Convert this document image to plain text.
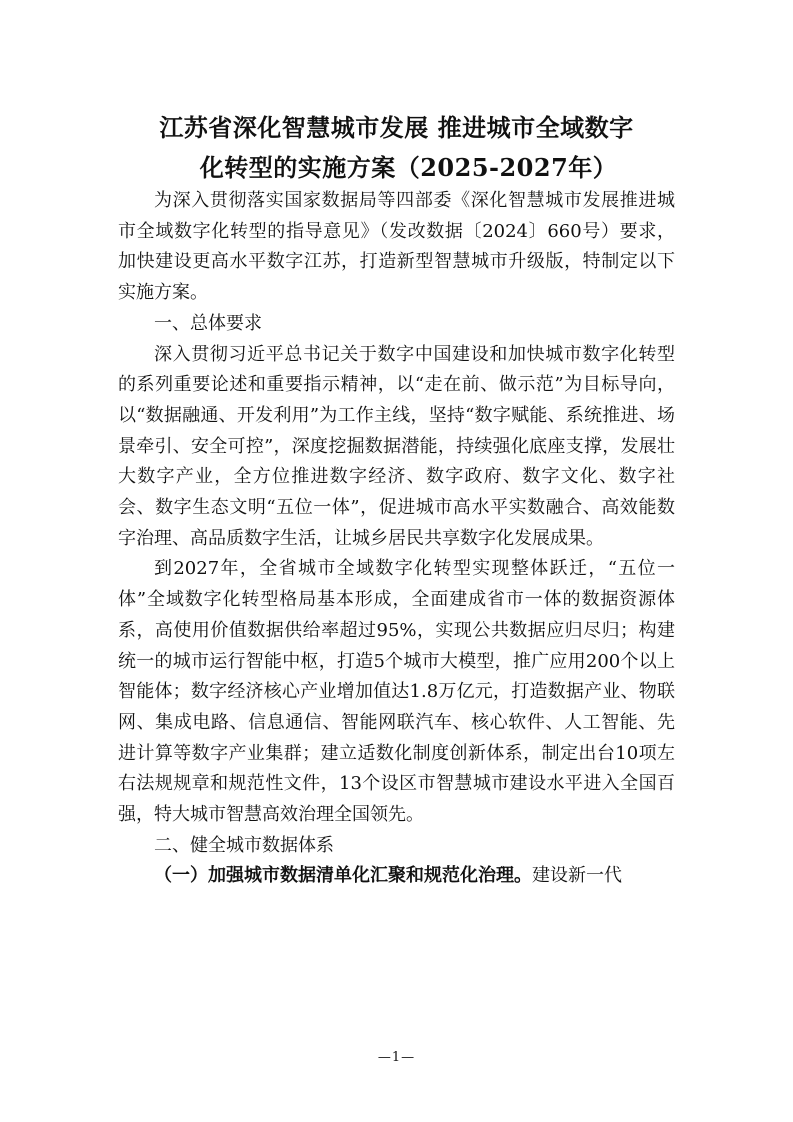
江苏省深化智慧城市发展 推进城市全域数字
化转型的实施方案（2025-2027年）

为深入贯彻落实国家数据局等四部委《深化智慧城市发展推进城市全域数字化转型的指导意见》（发改数据〔2024〕660号）要求，加快建设更高水平数字江苏，打造新型智慧城市升级版，特制定以下实施方案。

一、总体要求

深入贯彻习近平总书记关于数字中国建设和加快城市数字化转型的系列重要论述和重要指示精神，以“走在前、做示范”为目标导向，以“数据融通、开发利用”为工作主线，坚持“数字赋能、系统推进、场景牵引、安全可控”，深度挖掘数据潜能，持续强化底座支撑，发展壮大数字产业，全方位推进数字经济、数字政府、数字文化、数字社会、数字生态文明“五位一体”，促进城市高水平实数融合、高效能数字治理、高品质数字生活，让城乡居民共享数字化发展成果。

到2027年，全省城市全域数字化转型实现整体跃迁，“五位一体”全域数字化转型格局基本形成，全面建成省市一体的数据资源体系，高使用价值数据供给率超过95%，实现公共数据应归尽归；构建统一的城市运行智能中枢，打造5个城市大模型，推广应用200个以上智能体；数字经济核心产业增加值达1.8万亿元，打造数据产业、物联网、集成电路、信息通信、智能网联汽车、核心软件、人工智能、先进计算等数字产业集群；建立适数化制度创新体系，制定出台10项左右法规规章和规范性文件，13个设区市智慧城市建设水平进入全国百强，特大城市智慧高效治理全国领先。

二、健全城市数据体系

（一）加强城市数据清单化汇聚和规范化治理。建设新一代

—1—
